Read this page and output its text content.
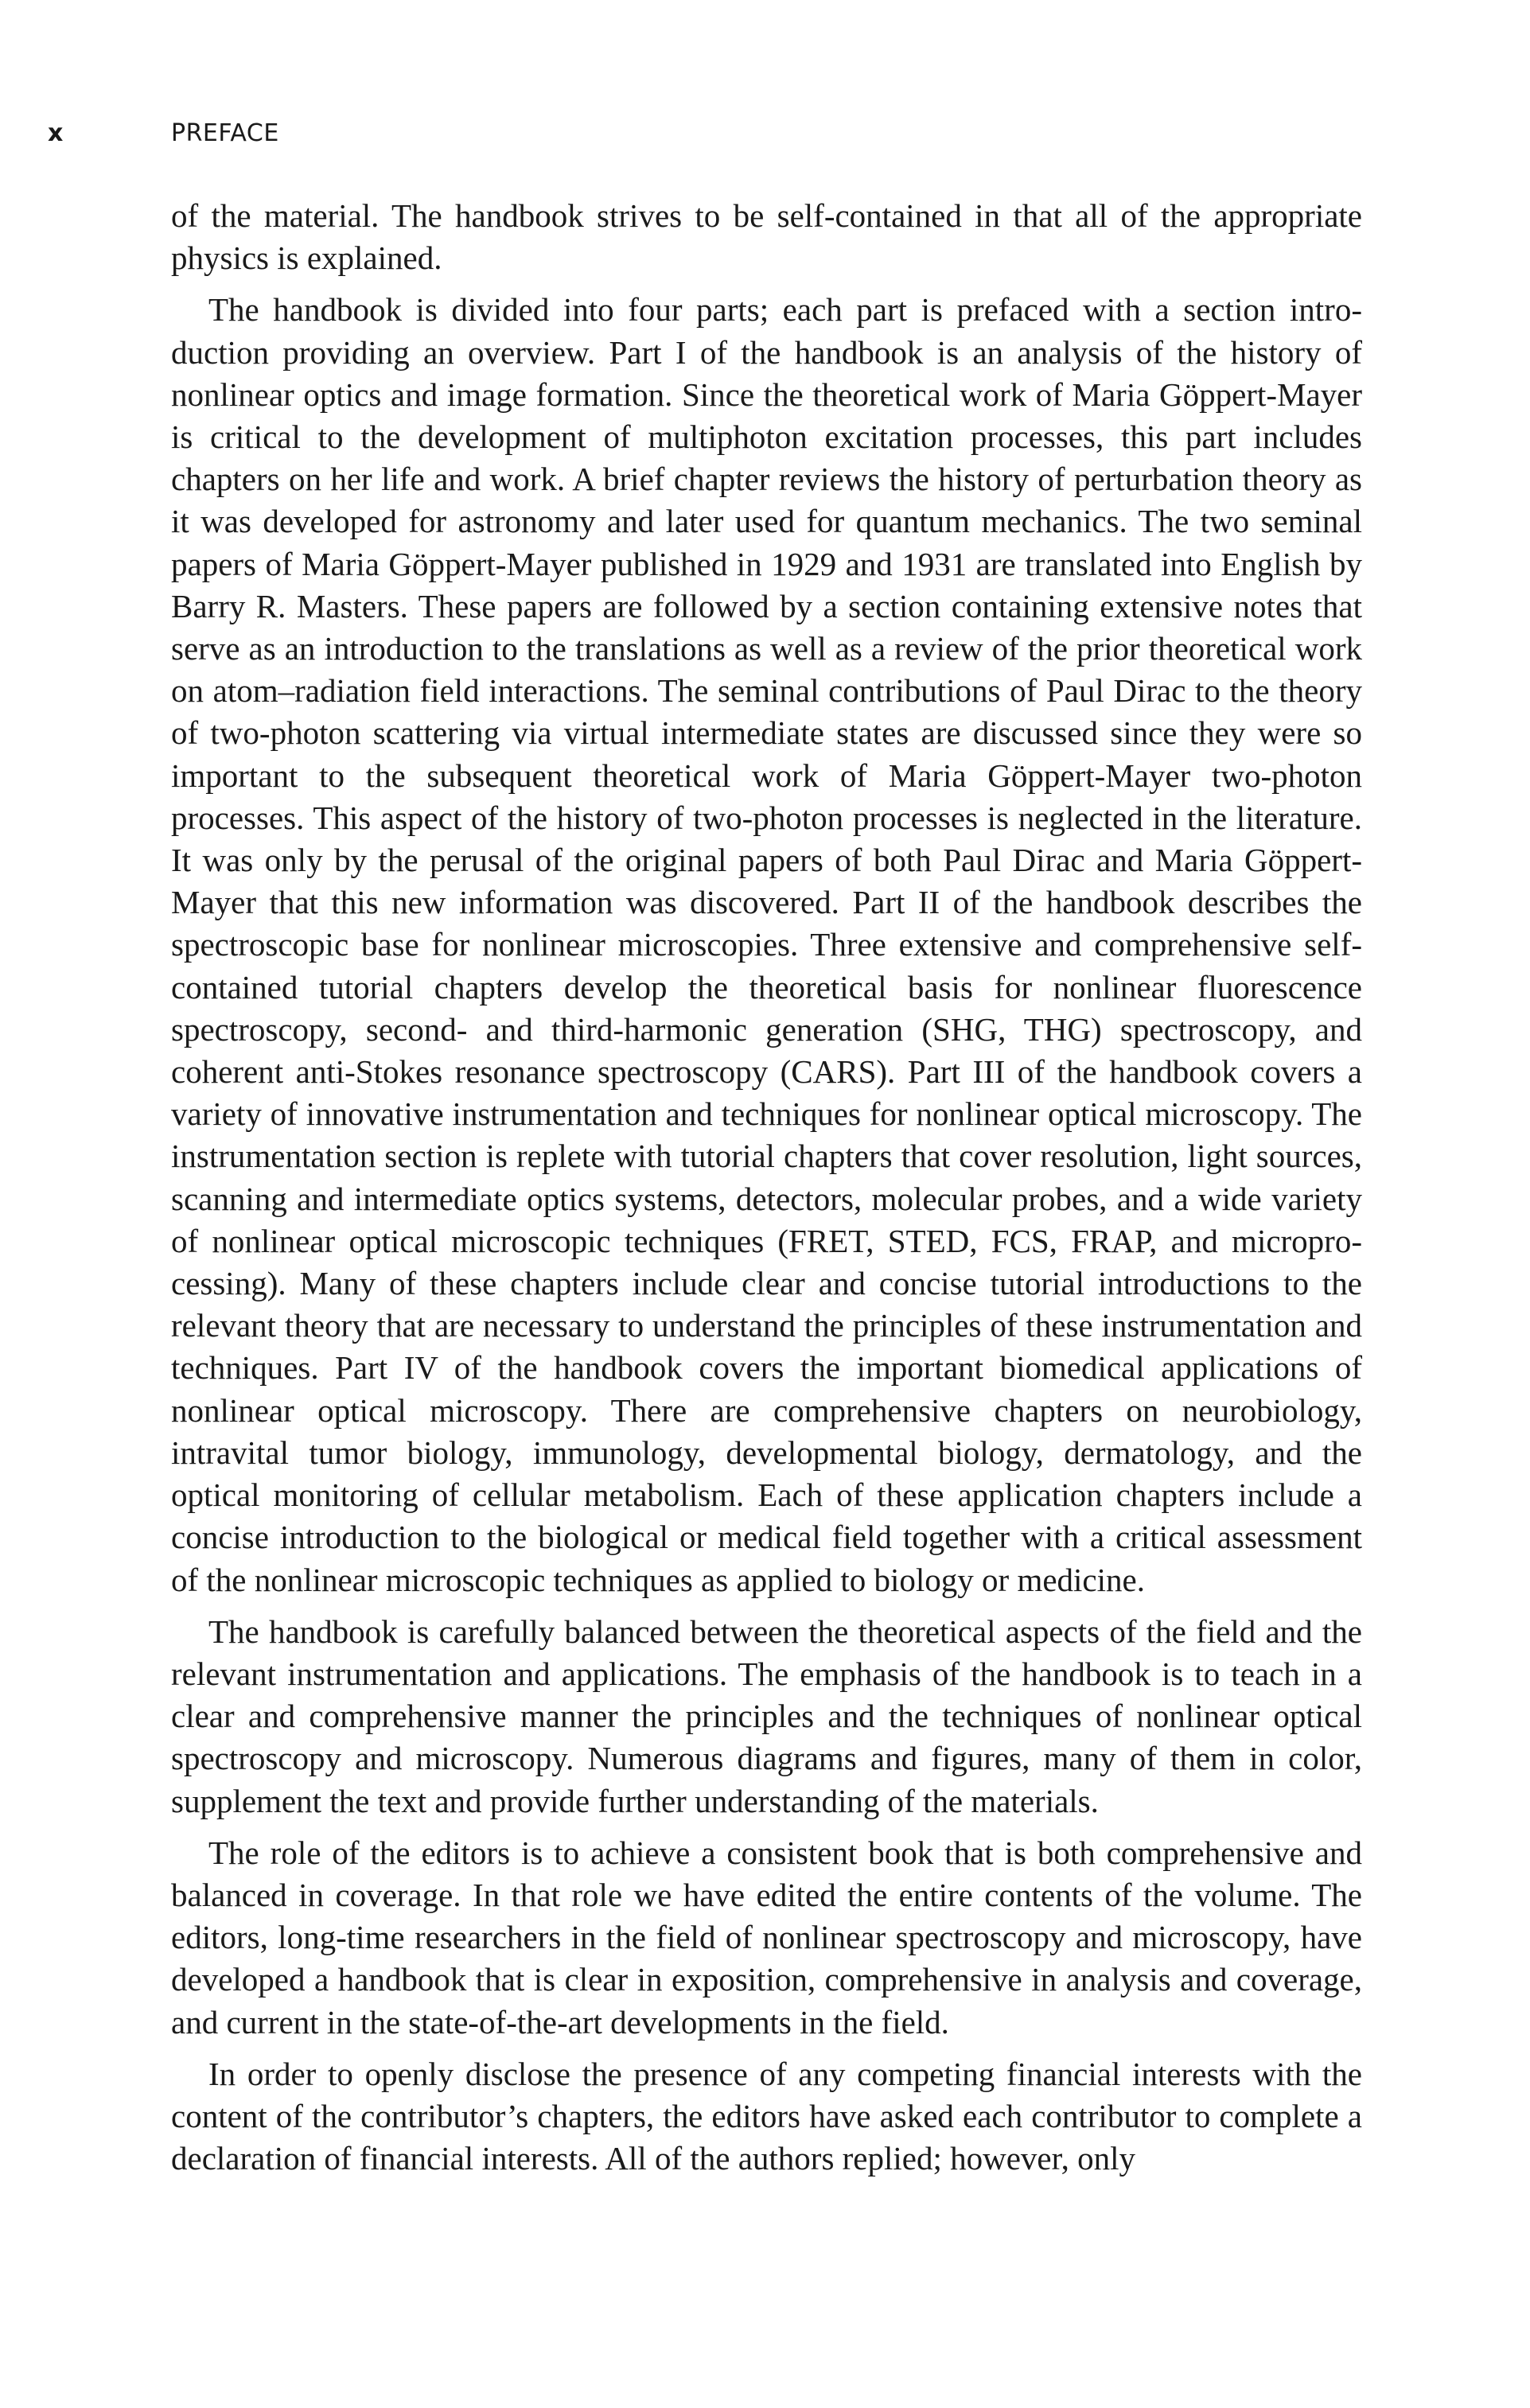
x	PREFACE

of the material. The handbook strives to be self-contained in that all of the appropriate physics is explained.

The handbook is divided into four parts; each part is prefaced with a section introduction providing an overview. Part I of the handbook is an analysis of the history of nonlinear optics and image formation. Since the theoretical work of Maria Göppert-Mayer is critical to the development of multiphoton excitation processes, this part includes chapters on her life and work. A brief chapter reviews the history of perturbation theory as it was developed for astronomy and later used for quantum mechanics. The two seminal papers of Maria Göppert-Mayer published in 1929 and 1931 are translated into English by Barry R. Masters. These papers are followed by a section containing extensive notes that serve as an introduction to the translations as well as a review of the prior theoretical work on atom–radiation field interactions. The seminal contributions of Paul Dirac to the theory of two-photon scattering via virtual intermediate states are discussed since they were so important to the subsequent theoretical work of Maria Göppert-Mayer two-photon processes. This aspect of the history of two-photon processes is neglected in the literature. It was only by the perusal of the original papers of both Paul Dirac and Maria Göppert-Mayer that this new information was discovered. Part II of the handbook describes the spectroscopic base for nonlinear microscopies. Three extensive and comprehensive self-contained tutorial chapters develop the theoretical basis for nonlinear fluorescence spectroscopy, second- and third-harmonic generation (SHG, THG) spectroscopy, and coherent anti-Stokes resonance spectroscopy (CARS). Part III of the handbook covers a variety of innovative instrumentation and techniques for nonlinear optical microscopy. The instrumentation section is replete with tutorial chapters that cover resolution, light sources, scanning and intermediate optics systems, detectors, molecular probes, and a wide variety of nonlinear optical microscopic techniques (FRET, STED, FCS, FRAP, and microprocessing). Many of these chapters include clear and concise tutorial introductions to the relevant theory that are necessary to understand the principles of these instrumentation and techniques. Part IV of the handbook covers the important biomedical applications of nonlinear optical microscopy. There are comprehensive chapters on neurobiology, intravital tumor biology, immunology, developmental biology, dermatology, and the optical monitoring of cellular metabolism. Each of these application chapters include a concise introduction to the biological or medical field together with a critical assessment of the nonlinear microscopic techniques as applied to biology or medicine.

The handbook is carefully balanced between the theoretical aspects of the field and the relevant instrumentation and applications. The emphasis of the handbook is to teach in a clear and comprehensive manner the principles and the techniques of nonlinear optical spectroscopy and microscopy. Numerous diagrams and figures, many of them in color, supplement the text and provide further understanding of the materials.

The role of the editors is to achieve a consistent book that is both comprehensive and balanced in coverage. In that role we have edited the entire contents of the volume. The editors, long-time researchers in the field of nonlinear spectroscopy and microscopy, have developed a handbook that is clear in exposition, comprehensive in analysis and coverage, and current in the state-of-the-art developments in the field.

In order to openly disclose the presence of any competing financial interests with the content of the contributor’s chapters, the editors have asked each contributor to complete a declaration of financial interests. All of the authors replied; however, only
